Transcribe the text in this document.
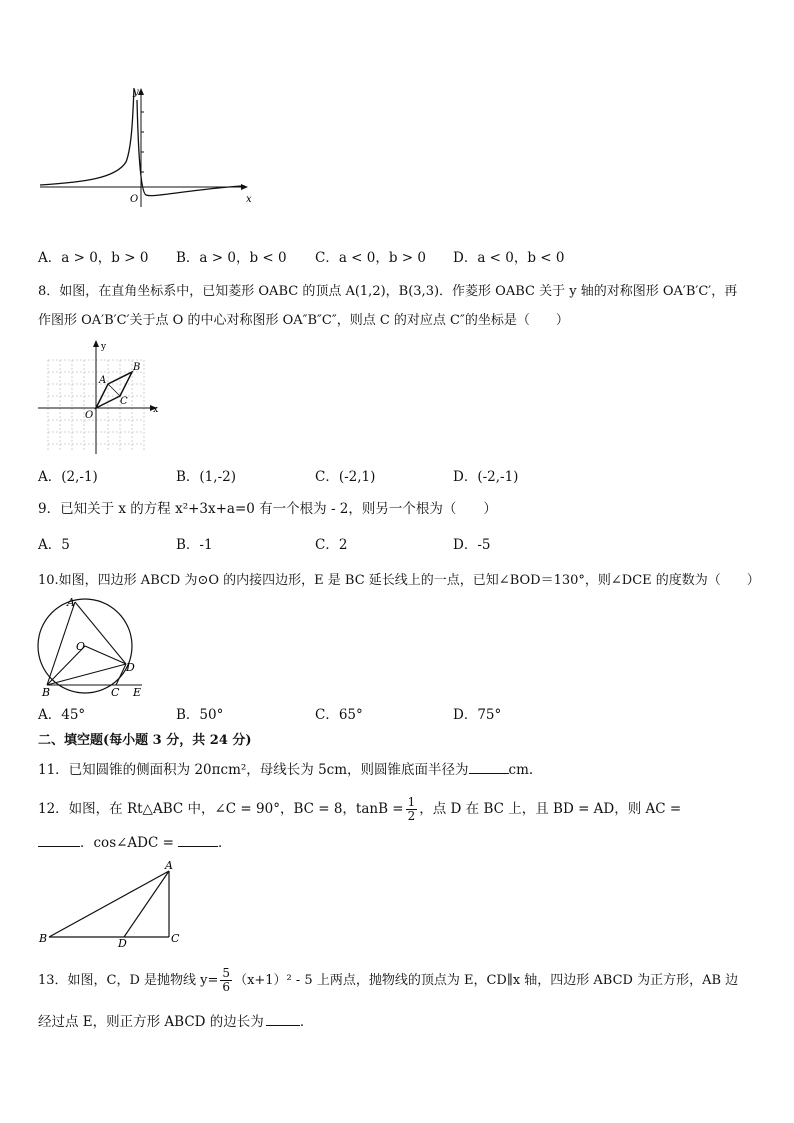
y
x
O
A．a > 0，b > 0 B．a > 0，b < 0 C．a < 0，b > 0 D．a < 0，b < 0
8．如图，在直角坐标系中，已知菱形 OABC 的顶点 A(1,2)，B(3,3)．作菱形 OABC 关于 y 轴的对称图形 OA′B′C′，再
作图形 OA′B′C′关于点 O 的中心对称图形 OA″B″C″，则点 C 的对应点 C″的坐标是（　　）
y
x
O
A
B
C
A．(2,-1)	B．(1,-2)	C．(-2,1)	D．(-2,-1)
9．已知关于 x 的方程 x²+3x+a=0 有一个根为 - 2，则另一个根为（　　）
A．5	B．-1	C．2	D．-5
10.如图，四边形 ABCD 为⊙O 的内接四边形，E 是 BC 延长线上的一点，已知∠BOD＝130°，则∠DCE 的度数为（　　）
A
O
D
B	C E
A．45°	B．50°	C．65°	D．75°
二、填空题(每小题 3 分，共 24 分)
11．已知圆锥的侧面积为 20πcm²，母线长为 5cm，则圆锥底面半径为	cm.
12．如图，在 Rt△ABC 中，∠C = 90°，BC = 8，$\tan B = \frac{1}{2}$ ，点 D 在 BC 上，且 BD = AD，则 AC =
．cos∠ADC =	．
A
B	D	C
13．如图，C，D 是抛物线 $y= \frac{5}{6} (x+1)^2 - 5$ 上两点，抛物线的顶点为 E，CD∥x 轴，四边形 ABCD 为正方形，AB 边
经过点 E，则正方形 ABCD 的边长为	．
